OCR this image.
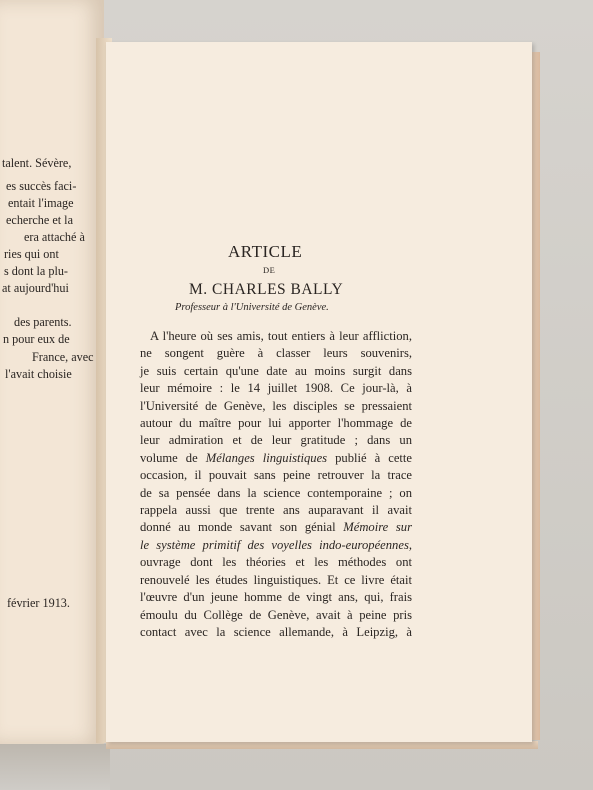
talent. Sévère,
es succès faci-
entait l'image
echerche et la
era attaché à
ries qui ont
s dont la plu-
at aujourd'hui
des parents.
n pour eux de
France, avec
l'avait choisie
février 1913.
ARTICLE
DE
M. CHARLES BALLY
Professeur à l'Université de Genève.
A l'heure où ses amis, tout entiers à leur affliction,
ne songent guère à classer leurs souvenirs,
je suis certain qu'une date au moins surgit dans
leur mémoire : le 14 juillet 1908. Ce jour-là, à
l'Université de Genève, les disciples se pressaient
autour du maître pour lui apporter l'hommage de
leur admiration et de leur gratitude ; dans un
volume de Mélanges linguistiques publié à cette
occasion, il pouvait sans peine retrouver la trace
de sa pensée dans la science contemporaine ; on
rappela aussi que trente ans auparavant il avait
donné au monde savant son génial Mémoire sur
le système primitif des voyelles indo-européennes,
ouvrage dont les théories et les méthodes ont
renouvelé les études linguistiques. Et ce livre était
l'œuvre d'un jeune homme de vingt ans, qui, frais
émoulu du Collège de Genève, avait à peine pris
contact avec la science allemande, à Leipzig, à
